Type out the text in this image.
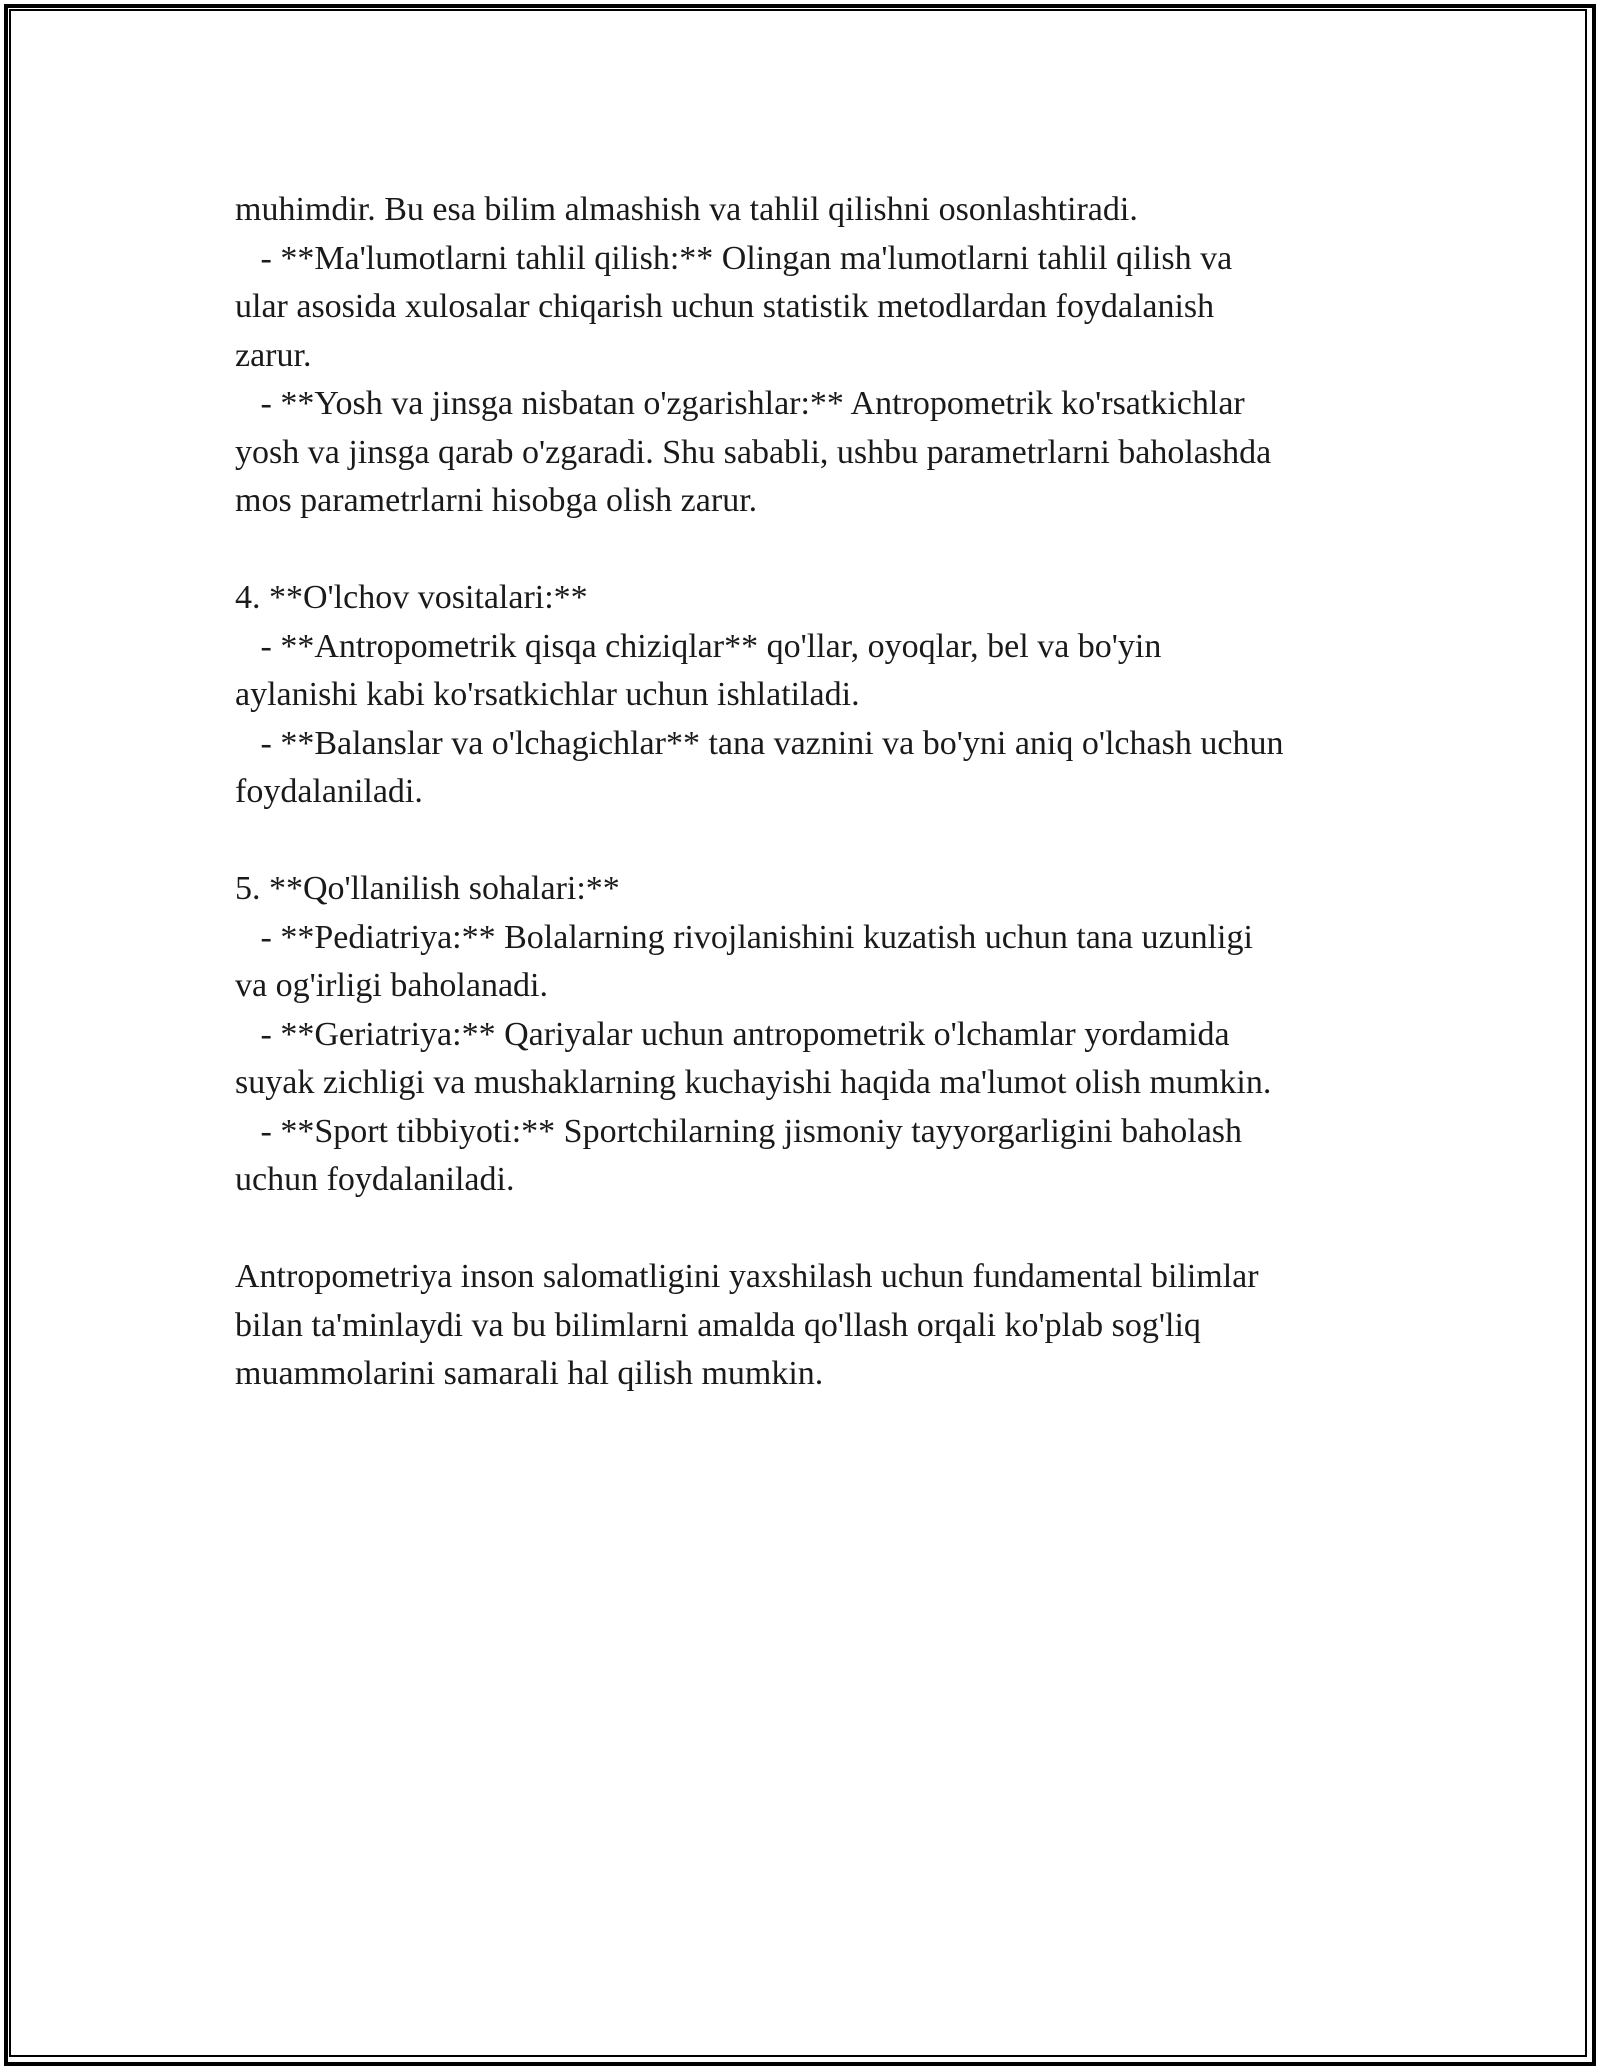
muhimdir. Bu esa bilim almashish va tahlil qilishni osonlashtiradi.

- **Ma'lumotlarni tahlil qilish:** Olingan ma'lumotlarni tahlil qilish va

ular asosida xulosalar chiqarish uchun statistik metodlardan foydalanish

zarur.

- **Yosh va jinsga nisbatan o'zgarishlar:** Antropometrik ko'rsatkichlar

yosh va jinsga qarab o'zgaradi. Shu sababli, ushbu parametrlarni baholashda

mos parametrlarni hisobga olish zarur.

4. **O'lchov vositalari:**

- **Antropometrik qisqa chiziqlar** qo'llar, oyoqlar, bel va bo'yin

aylanishi kabi ko'rsatkichlar uchun ishlatiladi.

- **Balanslar va o'lchagichlar** tana vaznini va bo'yni aniq o'lchash uchun

foydalaniladi.

5. **Qo'llanilish sohalari:**

- **Pediatriya:** Bolalarning rivojlanishini kuzatish uchun tana uzunligi

va og'irligi baholanadi.

- **Geriatriya:** Qariyalar uchun antropometrik o'lchamlar yordamida

suyak zichligi va mushaklarning kuchayishi haqida ma'lumot olish mumkin.

- **Sport tibbiyoti:** Sportchilarning jismoniy tayyorgarligini baholash

uchun foydalaniladi.

Antropometriya inson salomatligini yaxshilash uchun fundamental bilimlar

bilan ta'minlaydi va bu bilimlarni amalda qo'llash orqali ko'plab sog'liq

muammolarini samarali hal qilish mumkin.
